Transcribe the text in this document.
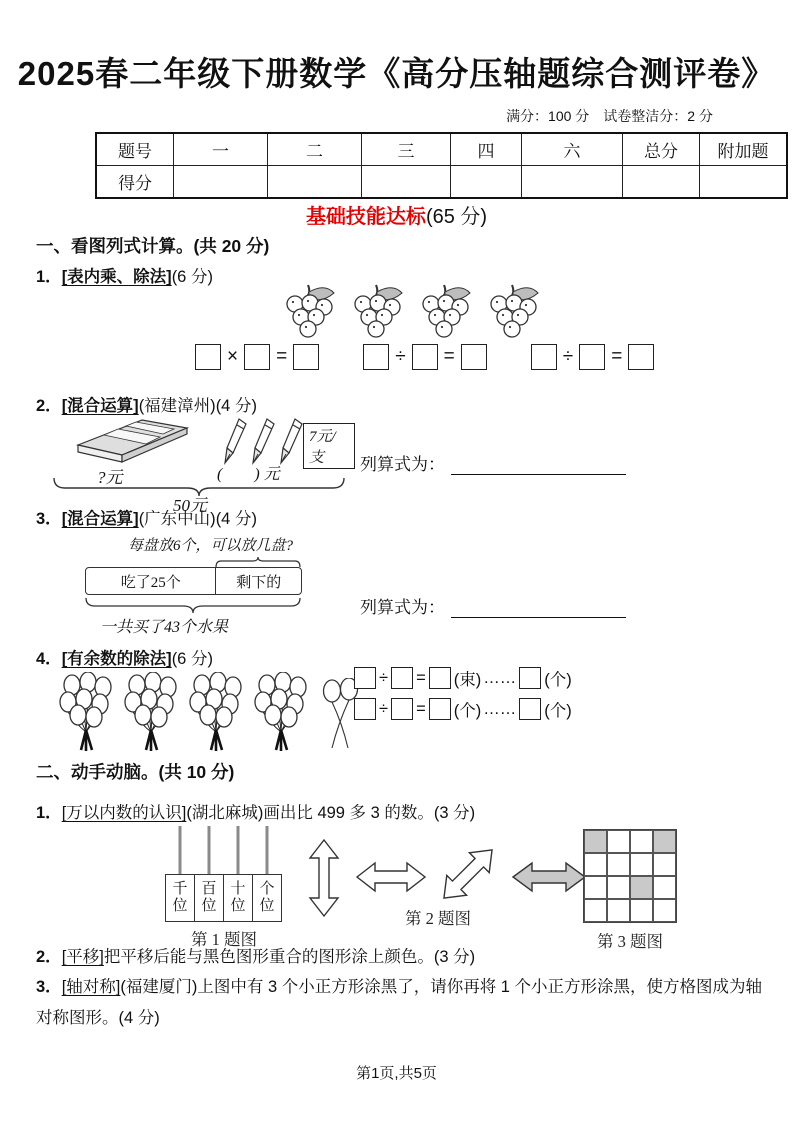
2025春二年级下册数学《高分压轴题综合测评卷》
满分：100 分　试卷整洁分：2 分
题号	一	二	三	四	六	总分	附加题
得分							
基础技能达标(65 分)
一、看图列式计算。(共 20 分)
1．[表内乘、除法](6 分)
× =	÷ =	÷ =
2．[混合运算](福建漳州)(4 分)
?元
7元/支
(　　) 元
50元
列算式为：
3．[混合运算](广东中山)(4 分)
每盘放6个，可以放几盘?
吃了25个	剩下的
一共买了43个水果
列算式为：
4．[有余数的除法](6 分)
÷ = (束) …… (个)
÷ = (个) …… (个)
二、动手动脑。(共 10 分)
1．[万以内数的认识](湖北麻城)画出比 499 多 3 的数。(3 分)
千
位
百
位
十
位
个
位
第 1 题图
第 2 题图
第 3 题图
2．[平移]把平移后能与黑色图形重合的图形涂上颜色。(3 分)
3．[轴对称](福建厦门)上图中有 3 个小正方形涂黑了，请你再将 1 个小正方形涂黑，使方格图成为轴对称图形。(4 分)
第1页,共5页
